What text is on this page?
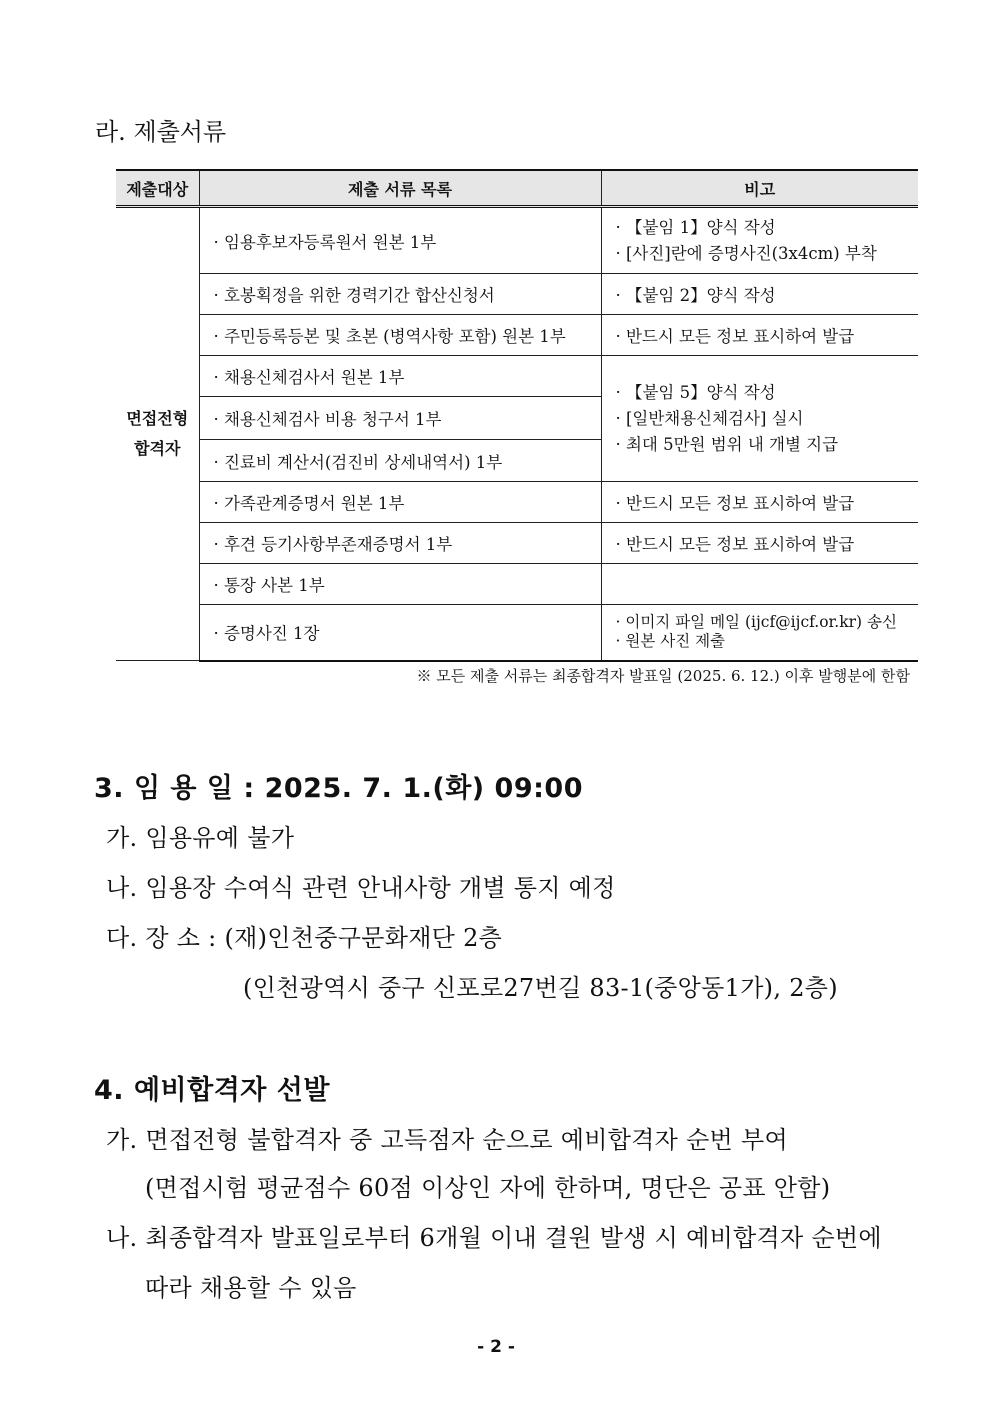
라. 제출서류
제출대상	제출 서류 목록	비고
면접전형
합격자	· 임용후보자등록원서 원본 1부	· 【붙임 1】양식 작성
· [사진]란에 증명사진(3x4cm) 부착

	· 호봉획정을 위한 경력기간 합산신청서	· 【붙임 2】양식 작성
	· 주민등록등본 및 초본 (병역사항 포함) 원본 1부	· 반드시 모든 정보 표시하여 발급
	· 채용신체검사서 원본 1부	· 【붙임 5】양식 작성
· [일반채용신체검사] 실시
· 최대 5만원 범위 내 개별 지급

	· 채용신체검사 비용 청구서 1부	
	· 진료비 계산서(검진비 상세내역서) 1부	
	· 가족관계증명서 원본 1부	· 반드시 모든 정보 표시하여 발급
	· 후견 등기사항부존재증명서 1부	· 반드시 모든 정보 표시하여 발급
	· 통장 사본 1부	
	· 증명사진 1장	· 이미지 파일 메일 (ijcf@ijcf.or.kr) 송신
· 원본 사진 제출
※ 모든 제출 서류는 최종합격자 발표일 (2025. 6. 12.) 이후 발행분에 한함
3. 임 용 일 : 2025. 7. 1.(화) 09:00
가. 임용유예 불가
나. 임용장 수여식 관련 안내사항 개별 통지 예정
다. 장 소 : (재)인천중구문화재단 2층
(인천광역시 중구 신포로27번길 83-1(중앙동1가), 2층)
4. 예비합격자 선발
가. 면접전형 불합격자 중 고득점자 순으로 예비합격자 순번 부여
(면접시험 평균점수 60점 이상인 자에 한하며, 명단은 공표 안함)
나. 최종합격자 발표일로부터 6개월 이내 결원 발생 시 예비합격자 순번에
따라 채용할 수 있음
- 2 -
